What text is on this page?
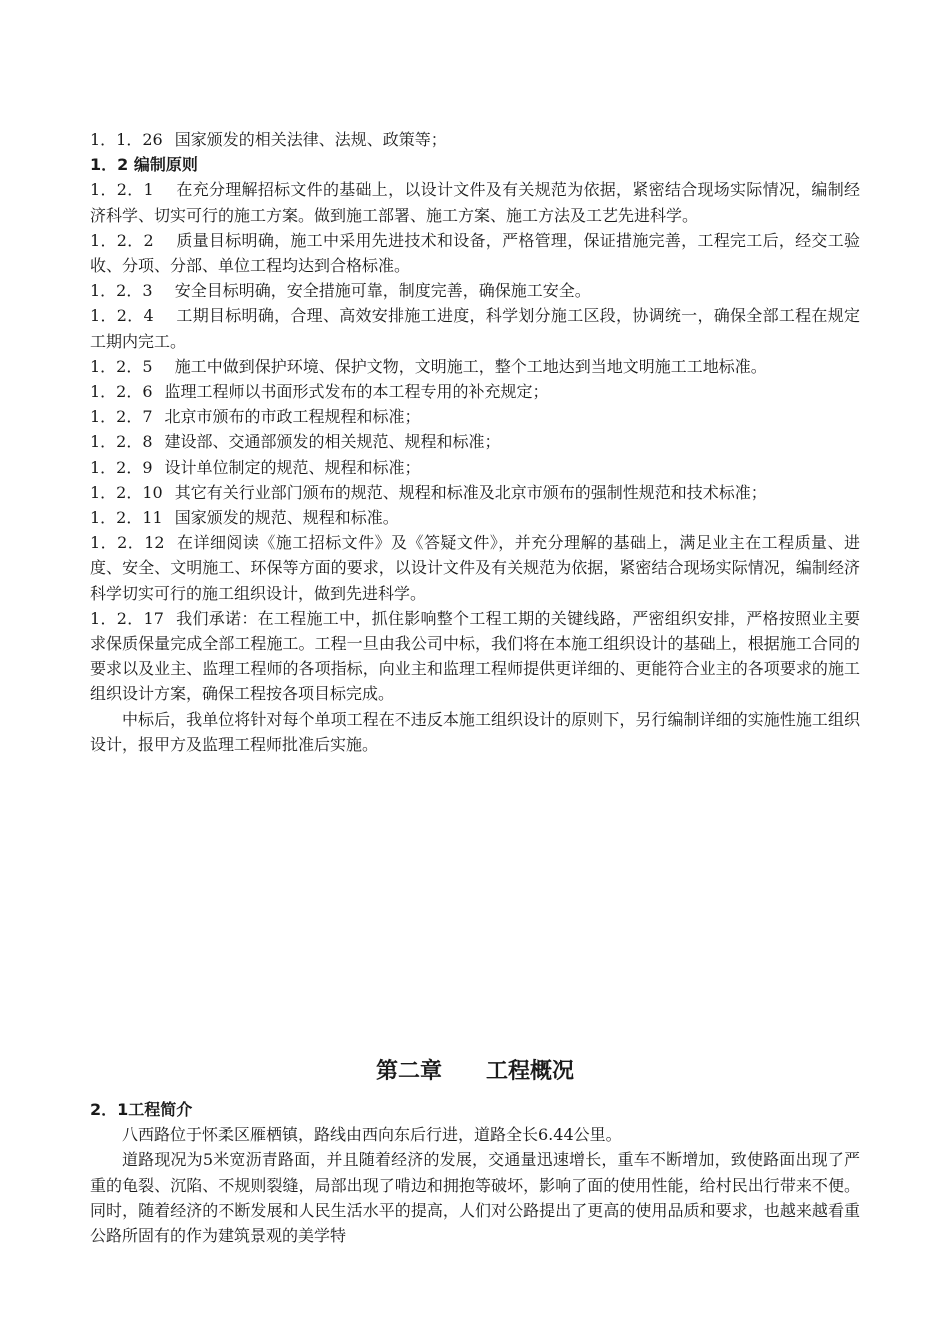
1．1．26 国家颁发的相关法律、法规、政策等；

1．2 编制原则

1．2．1 在充分理解招标文件的基础上，以设计文件及有关规范为依据，紧密结合现场实际情况，编制经济科学、切实可行的施工方案。做到施工部署、施工方案、施工方法及工艺先进科学。

1．2．2 质量目标明确，施工中采用先进技术和设备，严格管理，保证措施完善，工程完工后，经交工验收、分项、分部、单位工程均达到合格标准。

1．2．3 安全目标明确，安全措施可靠，制度完善，确保施工安全。

1．2．4 工期目标明确，合理、高效安排施工进度，科学划分施工区段，协调统一，确保全部工程在规定工期内完工。

1．2．5 施工中做到保护环境、保护文物，文明施工，整个工地达到当地文明施工工地标准。

1．2．6 监理工程师以书面形式发布的本工程专用的补充规定；

1．2．7 北京市颁布的市政工程规程和标准；

1．2．8 建设部、交通部颁发的相关规范、规程和标准；

1．2．9 设计单位制定的规范、规程和标准；

1．2．10 其它有关行业部门颁布的规范、规程和标准及北京市颁布的强制性规范和技术标准；

1．2．11 国家颁发的规范、规程和标准。

1．2．12 在详细阅读《施工招标文件》及《答疑文件》，并充分理解的基础上，满足业主在工程质量、进度、安全、文明施工、环保等方面的要求，以设计文件及有关规范为依据，紧密结合现场实际情况，编制经济科学切实可行的施工组织设计，做到先进科学。

1．2．17 我们承诺：在工程施工中，抓住影响整个工程工期的关键线路，严密组织安排，严格按照业主要求保质保量完成全部工程施工。工程一旦由我公司中标，我们将在本施工组织设计的基础上，根据施工合同的要求以及业主、监理工程师的各项指标，向业主和监理工程师提供更详细的、更能符合业主的各项要求的施工组织设计方案，确保工程按各项目标完成。

中标后，我单位将针对每个单项工程在不违反本施工组织设计的原则下，另行编制详细的实施性施工组织设计，报甲方及监理工程师批准后实施。

第二章 工程概况
2．1工程简介

八西路位于怀柔区雁栖镇，路线由西向东后行进，道路全长6.44公里。

道路现况为5米宽沥青路面，并且随着经济的发展，交通量迅速增长，重车不断增加，致使路面出现了严重的龟裂、沉陷、不规则裂缝，局部出现了啃边和拥抱等破坏，影响了面的使用性能，给村民出行带来不便。同时，随着经济的不断发展和人民生活水平的提高，人们对公路提出了更高的使用品质和要求，也越来越看重公路所固有的作为建筑景观的美学特
